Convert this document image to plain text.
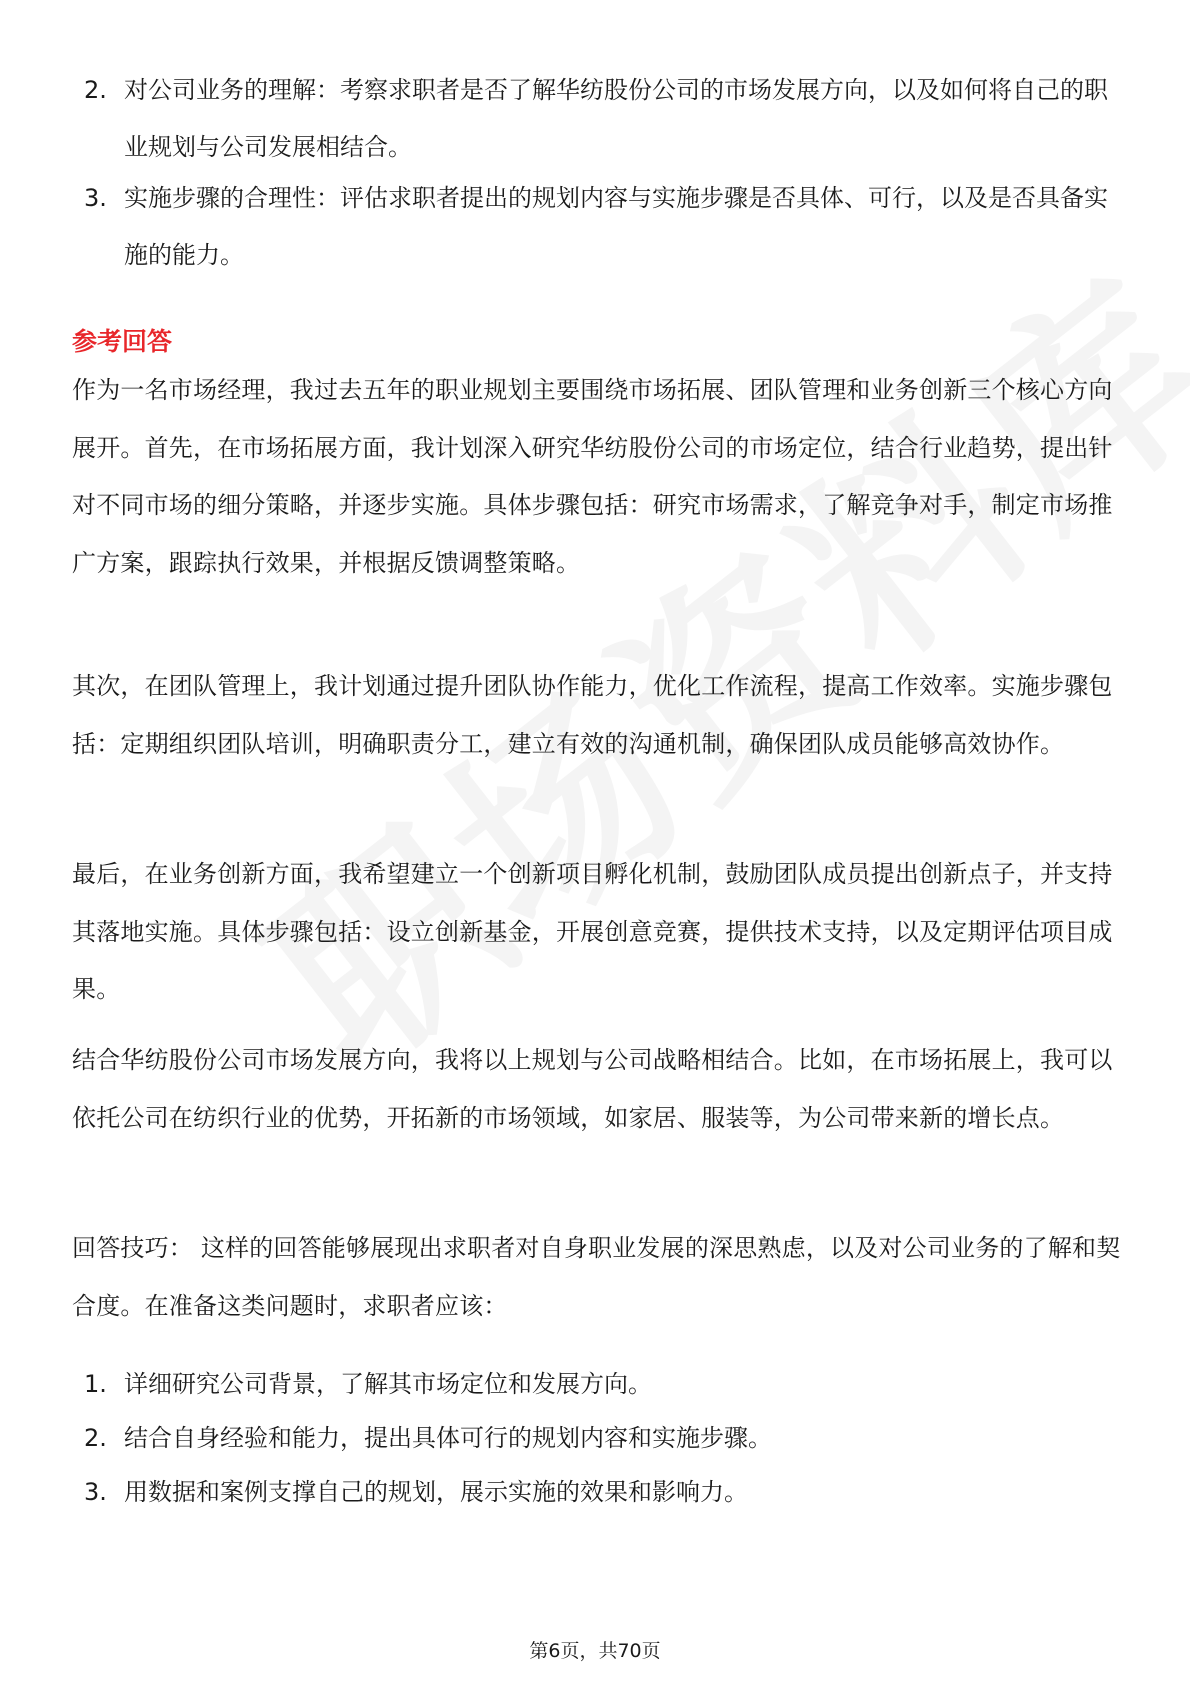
2. 对公司业务的理解：考察求职者是否了解华纺股份公司的市场发展方向，以及如何将自己的职业规划与公司发展相结合。
3. 实施步骤的合理性：评估求职者提出的规划内容与实施步骤是否具体、可行，以及是否具备实施的能力。
参考回答
作为一名市场经理，我过去五年的职业规划主要围绕市场拓展、团队管理和业务创新三个核心方向展开。首先，在市场拓展方面，我计划深入研究华纺股份公司的市场定位，结合行业趋势，提出针对不同市场的细分策略，并逐步实施。具体步骤包括：研究市场需求，了解竞争对手，制定市场推广方案，跟踪执行效果，并根据反馈调整策略。
其次，在团队管理上，我计划通过提升团队协作能力，优化工作流程，提高工作效率。实施步骤包括：定期组织团队培训，明确职责分工，建立有效的沟通机制，确保团队成员能够高效协作。
最后，在业务创新方面，我希望建立一个创新项目孵化机制，鼓励团队成员提出创新点子，并支持其落地实施。具体步骤包括：设立创新基金，开展创意竞赛，提供技术支持，以及定期评估项目成果。
结合华纺股份公司市场发展方向，我将以上规划与公司战略相结合。比如，在市场拓展上，我可以依托公司在纺织行业的优势，开拓新的市场领域，如家居、服装等，为公司带来新的增长点。
回答技巧： 这样的回答能够展现出求职者对自身职业发展的深思熟虑，以及对公司业务的了解和契合度。在准备这类问题时，求职者应该：
1. 详细研究公司背景，了解其市场定位和发展方向。
2. 结合自身经验和能力，提出具体可行的规划内容和实施步骤。
3. 用数据和案例支撑自己的规划，展示实施的效果和影响力。
第6页，共70页
